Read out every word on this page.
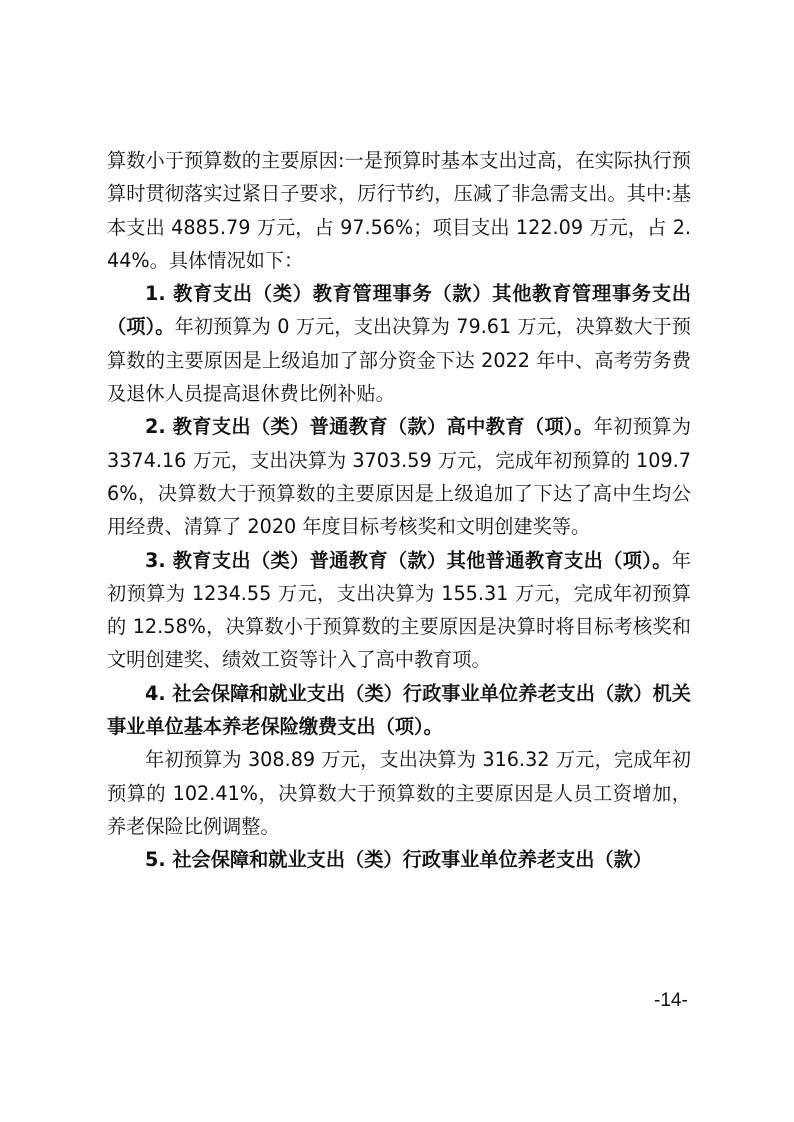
算数小于预算数的主要原因:一是预算时基本支出过高，在实际执行预算时贯彻落实过紧日子要求，厉行节约，压减了非急需支出。其中:基本支出 4885.79 万元，占 97.56%；项目支出 122.09 万元，占 2.44%。具体情况如下：

1. 教育支出（类）教育管理事务（款）其他教育管理事务支出（项）。年初预算为 0 万元，支出决算为 79.61 万元，决算数大于预算数的主要原因是上级追加了部分资金下达 2022 年中、高考劳务费及退休人员提高退休费比例补贴。

2. 教育支出（类）普通教育（款）高中教育（项）。年初预算为 3374.16 万元，支出决算为 3703.59 万元，完成年初预算的 109.76%，决算数大于预算数的主要原因是上级追加了下达了高中生均公用经费、清算了 2020 年度目标考核奖和文明创建奖等。

3. 教育支出（类）普通教育（款）其他普通教育支出（项）。年初预算为 1234.55 万元，支出决算为 155.31 万元，完成年初预算的 12.58%，决算数小于预算数的主要原因是决算时将目标考核奖和文明创建奖、绩效工资等计入了高中教育项。

4. 社会保障和就业支出（类）行政事业单位养老支出（款）机关事业单位基本养老保险缴费支出（项）。

年初预算为 308.89 万元，支出决算为 316.32 万元，完成年初预算的 102.41%，决算数大于预算数的主要原因是人员工资增加，养老保险比例调整。

5. 社会保障和就业支出（类）行政事业单位养老支出（款）

-14-
